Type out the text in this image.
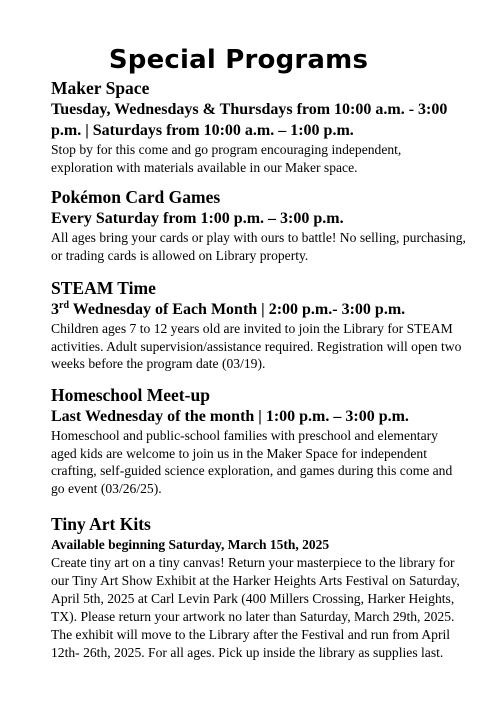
Special Programs

Maker Space

Tuesday, Wednesdays & Thursdays from 10:00 a.m. - 3:00 p.m. | Saturdays from 10:00 a.m. – 1:00 p.m.

Stop by for this come and go program encouraging independent, exploration with materials available in our Maker space.

Pokémon Card Games

Every Saturday from 1:00 p.m. – 3:00 p.m.

All ages bring your cards or play with ours to battle! No selling, purchasing, or trading cards is allowed on Library property.

STEAM Time

3rd Wednesday of Each Month | 2:00 p.m.- 3:00 p.m.

Children ages 7 to 12 years old are invited to join the Library for STEAM activities. Adult supervision/assistance required. Registration will open two weeks before the program date (03/19).

Homeschool Meet-up

Last Wednesday of the month | 1:00 p.m. – 3:00 p.m.

Homeschool and public-school families with preschool and elementary aged kids are welcome to join us in the Maker Space for independent crafting, self-guided science exploration, and games during this come and go event (03/26/25).

Tiny Art Kits

Available beginning Saturday, March 15th, 2025

Create tiny art on a tiny canvas! Return your masterpiece to the library for our Tiny Art Show Exhibit at the Harker Heights Arts Festival on Saturday, April 5th, 2025 at Carl Levin Park (400 Millers Crossing, Harker Heights, TX). Please return your artwork no later than Saturday, March 29th, 2025. The exhibit will move to the Library after the Festival and run from April 12th- 26th, 2025. For all ages. Pick up inside the library as supplies last.
